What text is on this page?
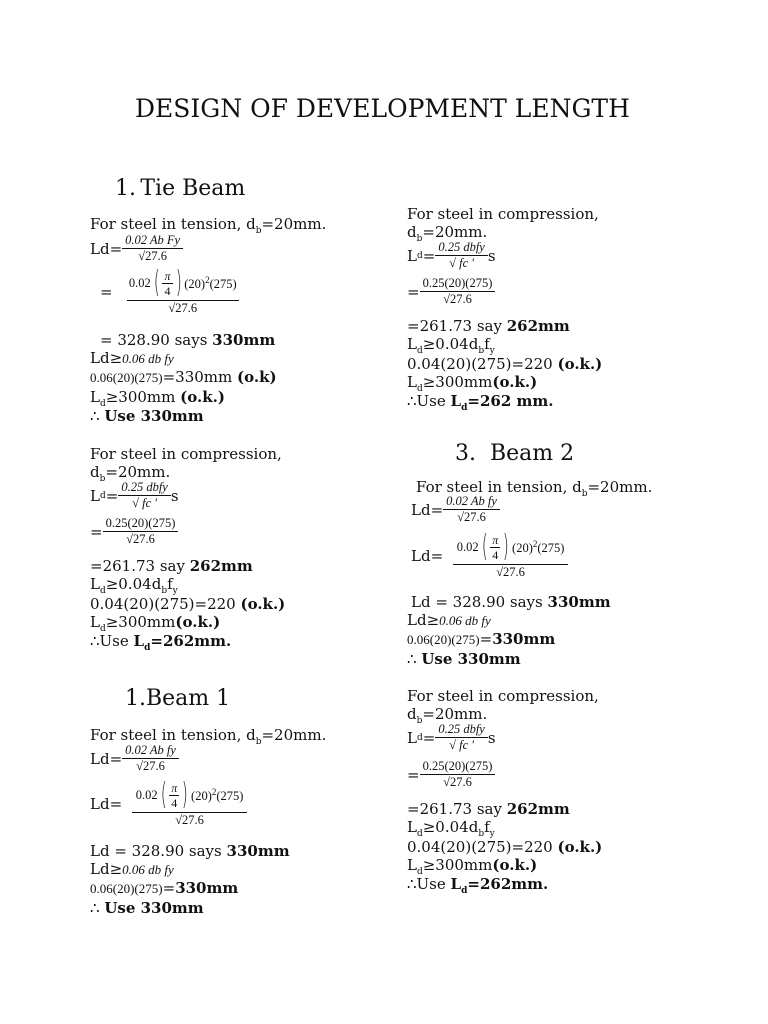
DESIGN OF DEVELOPMENT LENGTH
1. Tie Beam
For steel in tension, $d_b=20mm$.
$Ld= \frac{\text{0.02 Ab Fy}}{√27.6}$
=
0.02 ( π
4 ) $(20)^2(275)$
√27.6
= 328.90 says 330mm
Ld≥0.06 db fy
0.06(20)(275)=330mm (o.k)
$L_d\ge 300mm$ (o.k.)
∴ Use 330mm
For steel in compression,
$d_b=20mm$.
L $d = \frac{\text{0.25 dbfy}}{√ fc '}$ s
= $\frac{0.25(20)(275)}{√27.6}$
=261.73 say 262mm
$L_d\ge 0.04d_bf_y$
0.04(20)(275)=220 (o.k.)
$L_d\ge 300mm(o.k.)$
∴Use $L_d=262mm$.
1.Beam 1
For steel in tension, $d_b=20mm$.
$Ld= \frac{\text{0.02 Ab fy}}{√27.6}$
Ld=
0.02 ( π
4 ) $(20)^2(275)$
√27.6
Ld = 328.90 says 330mm
Ld≥0.06 db fy
0.06(20)(275)=330mm
∴ Use 330mm
For steel in compression,
$d_b=20mm$.
L $d = \frac{\text{0.25 dbfy}}{√ fc '}$ s
= $\frac{0.25(20)(275)}{√27.6}$
=261.73 say 262mm
$L_d\ge 0.04d_bf_y$
0.04(20)(275)=220 (o.k.)
$L_d\ge 300mm(o.k.)$
∴Use $L_d=262$ mm.
3.  Beam 2
For steel in tension, $d_b=20mm$.
$Ld= \frac{\text{0.02 Ab fy}}{√27.6}$
Ld=
0.02 ( π
4 ) $(20)^2(275)$
√27.6
Ld = 328.90 says 330mm
Ld≥0.06 db fy
0.06(20)(275)=330mm
∴ Use 330mm
For steel in compression,
$d_b=20mm$.
L $d = \frac{\text{0.25 dbfy}}{√ fc '}$ s
= $\frac{0.25(20)(275)}{√27.6}$
=261.73 say 262mm
$L_d\ge 0.04d_bf_y$
0.04(20)(275)=220 (o.k.)
$L_d\ge 300mm(o.k.)$
∴Use $L_d=262mm$.
